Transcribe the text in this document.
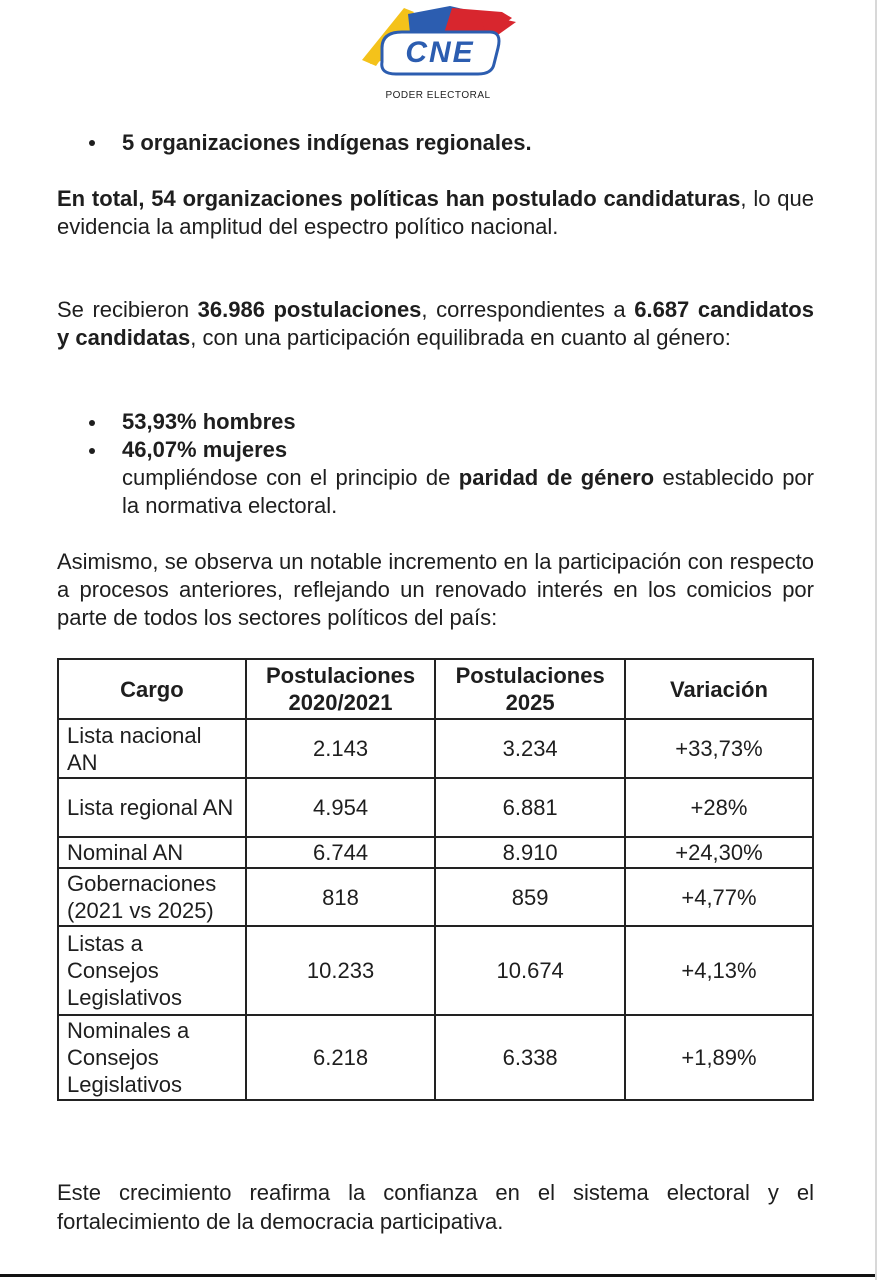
PODER ELECTORAL
CNE
5 organizaciones indígenas regionales.

En total, 54 organizaciones políticas han postulado candidaturas, lo que evidencia la amplitud del espectro político nacional.

Se recibieron 36.986 postulaciones, correspondientes a 6.687 candidatos y candidatas, con una participación equilibrada en cuanto al género:

53,93% hombres
46,07% mujeres
cumpliéndose con el principio de paridad de género establecido por la normativa electoral.

Asimismo, se observa un notable incremento en la participación con respecto a procesos anteriores, reflejando un renovado interés en los comicios por parte de todos los sectores políticos del país:

Cargo	Postulaciones 2020/2021	Postulaciones 2025	Variación
Lista nacional AN	2.143	3.234	+33,73%
Lista regional AN	4.954	6.881	+28%
Nominal AN	6.744	8.910	+24,30%
Gobernaciones (2021 vs 2025)	818	859	+4,77%
Listas a Consejos Legislativos	10.233	10.674	+4,13%
Nominales a Consejos Legislativos	6.218	6.338	+1,89%

Este crecimiento reafirma la confianza en el sistema electoral y el fortalecimiento de la democracia participativa.
